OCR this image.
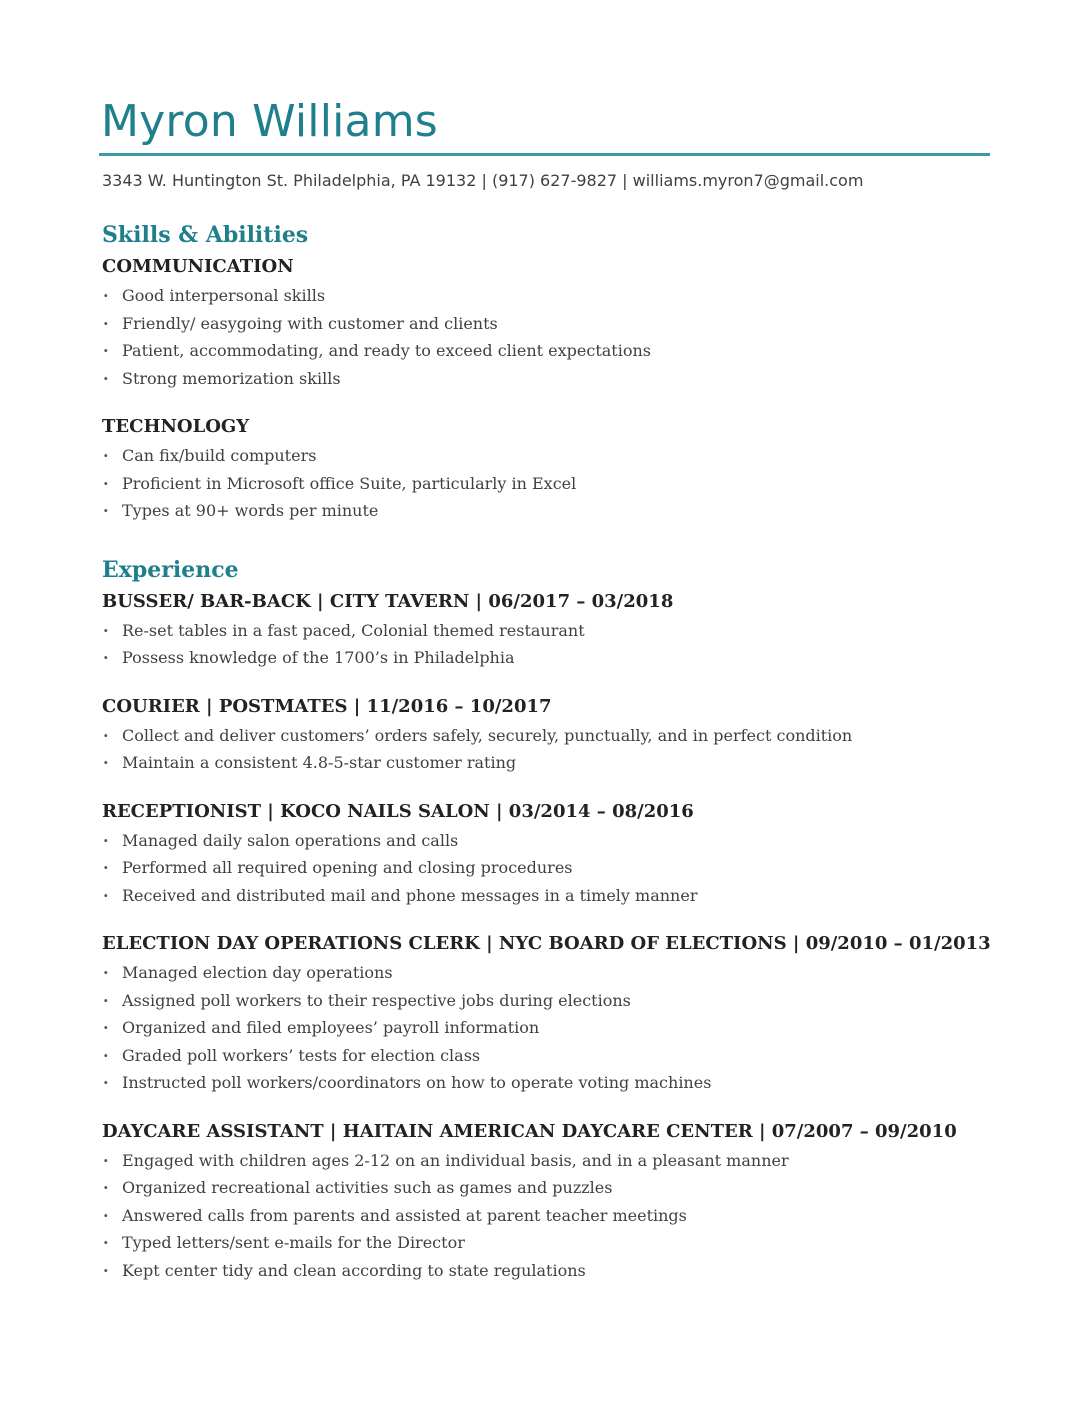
Myron Williams
3343 W. Huntington St. Philadelphia, PA 19132 | (917) 627-9827 | williams.myron7@gmail.com
Skills & Abilities
COMMUNICATION
· Good interpersonal skills
· Friendly/ easygoing with customer and clients
· Patient, accommodating, and ready to exceed client expectations
· Strong memorization skills
TECHNOLOGY
· Can fix/build computers
· Proficient in Microsoft office Suite, particularly in Excel
· Types at 90+ words per minute
Experience
BUSSER/ BAR-BACK | CITY TAVERN | 06/2017 – 03/2018
· Re-set tables in a fast paced, Colonial themed restaurant
· Possess knowledge of the 1700’s in Philadelphia
COURIER | POSTMATES | 11/2016 – 10/2017
· Collect and deliver customers’ orders safely, securely, punctually, and in perfect condition
· Maintain a consistent 4.8-5-star customer rating
RECEPTIONIST | KOCO NAILS SALON | 03/2014 – 08/2016
· Managed daily salon operations and calls
· Performed all required opening and closing procedures
· Received and distributed mail and phone messages in a timely manner
ELECTION DAY OPERATIONS CLERK | NYC BOARD OF ELECTIONS | 09/2010 – 01/2013
· Managed election day operations
· Assigned poll workers to their respective jobs during elections
· Organized and filed employees’ payroll information
· Graded poll workers’ tests for election class
· Instructed poll workers/coordinators on how to operate voting machines
DAYCARE ASSISTANT | HAITAIN AMERICAN DAYCARE CENTER | 07/2007 – 09/2010
· Engaged with children ages 2-12 on an individual basis, and in a pleasant manner
· Organized recreational activities such as games and puzzles
· Answered calls from parents and assisted at parent teacher meetings
· Typed letters/sent e-mails for the Director
· Kept center tidy and clean according to state regulations
